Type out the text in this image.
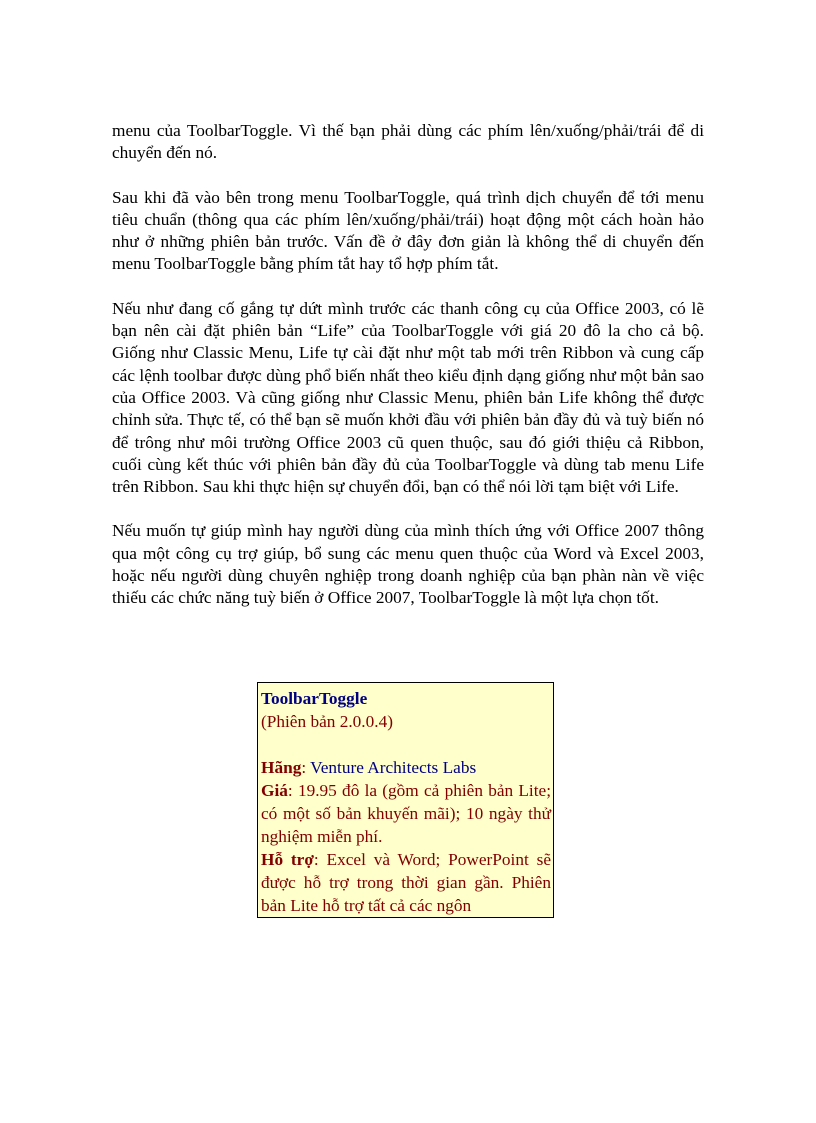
menu của ToolbarToggle. Vì thế bạn phải dùng các phím lên/xuống/phải/trái để di chuyển đến nó.

Sau khi đã vào bên trong menu ToolbarToggle, quá trình dịch chuyển để tới menu tiêu chuẩn (thông qua các phím lên/xuống/phải/trái) hoạt động một cách hoàn hảo như ở những phiên bản trước. Vấn đề ở đây đơn giản là không thể di chuyển đến menu ToolbarToggle bằng phím tắt hay tổ hợp phím tắt.

Nếu như đang cố gắng tự dứt mình trước các thanh công cụ của Office 2003, có lẽ bạn nên cài đặt phiên bản “Life” của ToolbarToggle với giá 20 đô la cho cả bộ. Giống như Classic Menu, Life tự cài đặt như một tab mới trên Ribbon và cung cấp các lệnh toolbar được dùng phổ biến nhất theo kiểu định dạng giống như một bản sao của Office 2003. Và cũng giống như Classic Menu, phiên bản Life không thể được chỉnh sửa. Thực tế, có thể bạn sẽ muốn khởi đầu với phiên bản đầy đủ và tuỳ biến nó để trông như môi trường Office 2003 cũ quen thuộc, sau đó giới thiệu cả Ribbon, cuối cùng kết thúc với phiên bản đầy đủ của ToolbarToggle và dùng tab menu Life trên Ribbon. Sau khi thực hiện sự chuyển đổi, bạn có thể nói lời tạm biệt với Life.

Nếu muốn tự giúp mình hay người dùng của mình thích ứng với Office 2007 thông qua một công cụ trợ giúp, bổ sung các menu quen thuộc của Word và Excel 2003, hoặc nếu người dùng chuyên nghiệp trong doanh nghiệp của bạn phàn nàn về việc thiếu các chức năng tuỳ biến ở Office 2007, ToolbarToggle là một lựa chọn tốt.

ToolbarToggle

(Phiên bản 2.0.0.4)

Hãng: Venture Architects Labs

Giá: 19.95 đô la (gồm cả phiên bản Lite; có một số bản khuyến mãi); 10 ngày thử nghiệm miễn phí.

Hỗ trợ: Excel và Word; PowerPoint sẽ được hỗ trợ trong thời gian gần. Phiên bản Lite hỗ trợ tất cả các ngôn
